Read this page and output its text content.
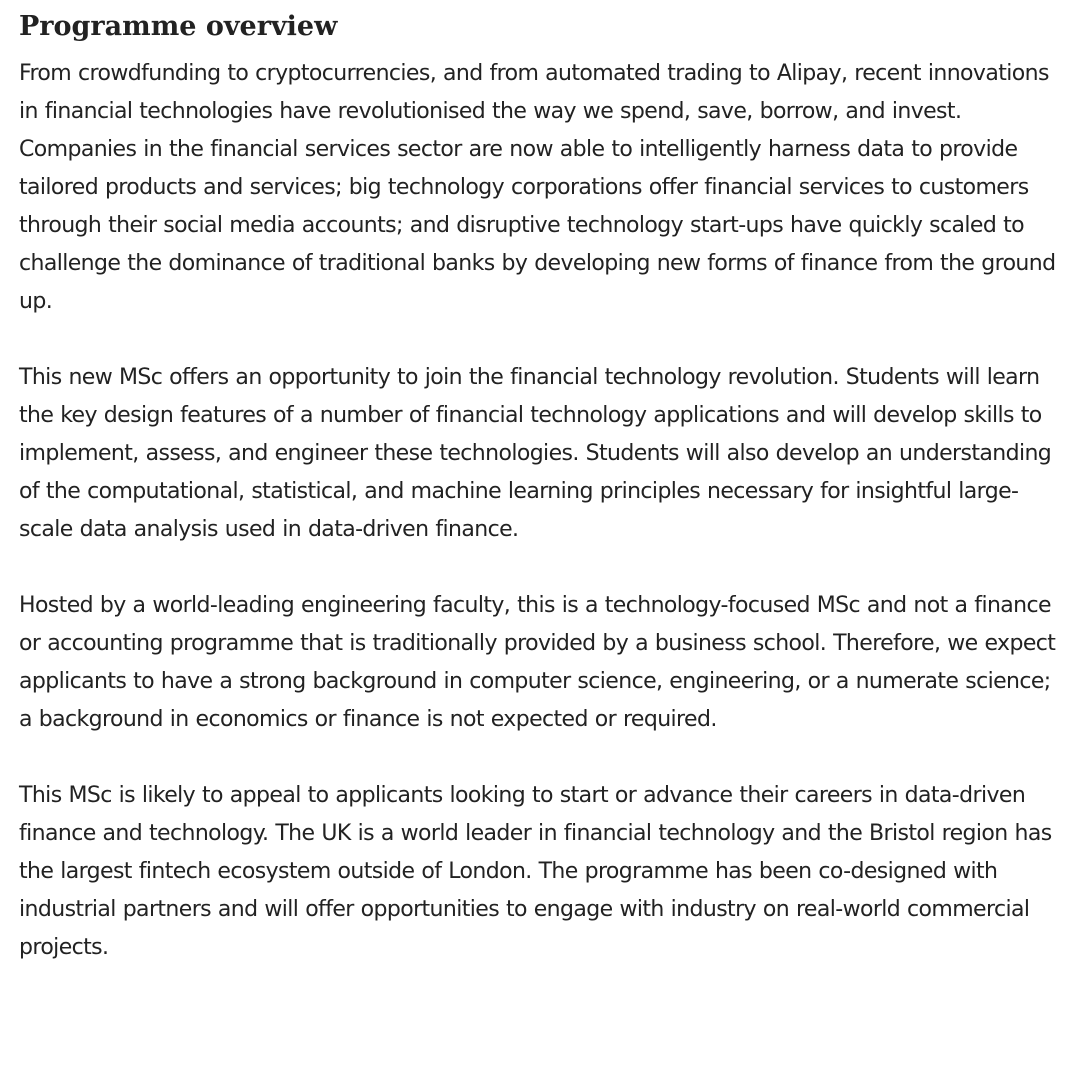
Programme overview

From crowdfunding to cryptocurrencies, and from automated trading to Alipay, recent innovations in financial technologies have revolutionised the way we spend, save, borrow, and invest. Companies in the financial services sector are now able to intelligently harness data to provide tailored products and services; big technology corporations offer financial services to customers through their social media accounts; and disruptive technology start-ups have quickly scaled to challenge the dominance of traditional banks by developing new forms of finance from the ground up.

This new MSc offers an opportunity to join the financial technology revolution. Students will learn the key design features of a number of financial technology applications and will develop skills to implement, assess, and engineer these technologies. Students will also develop an understanding of the computational, statistical, and machine learning principles necessary for insightful large-scale data analysis used in data-driven finance.

Hosted by a world-leading engineering faculty, this is a technology-focused MSc and not a finance or accounting programme that is traditionally provided by a business school. Therefore, we expect applicants to have a strong background in computer science, engineering, or a numerate science; a background in economics or finance is not expected or required.

This MSc is likely to appeal to applicants looking to start or advance their careers in data-driven finance and technology. The UK is a world leader in financial technology and the Bristol region has the largest fintech ecosystem outside of London. The programme has been co-designed with industrial partners and will offer opportunities to engage with industry on real-world commercial projects.
